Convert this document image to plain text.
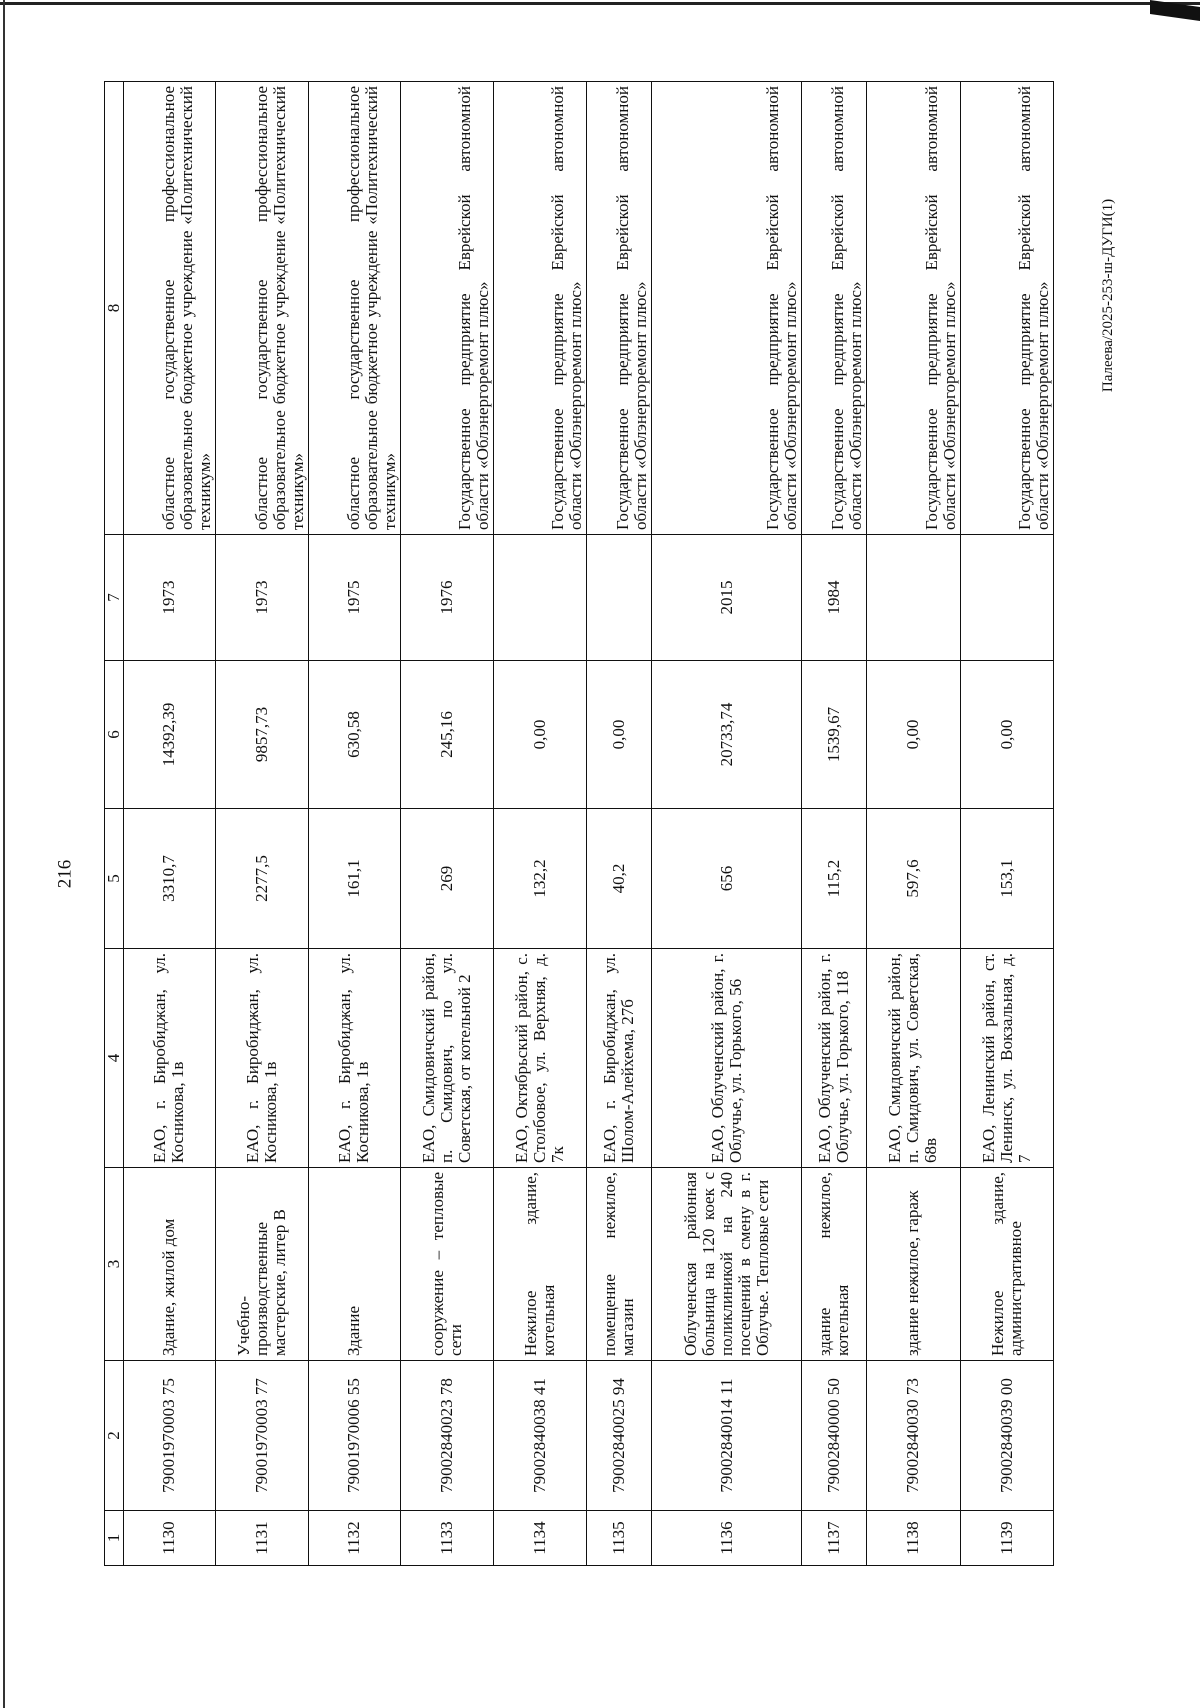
216
Палеева/2025-253-ш-ДУГИ(1)
1	2	3	4	5	6	7	8
1130	79001970003 75	Здание, жилой дом	ЕАО, г. Биробиджан, ул. Косникова, 1в	3310,7	14392,39	1973	областное государственное профессиональное образовательное бюджетное учреждение «Политехнический техникум»
1131	79001970003 77	Учебно-производственные мастерские, литер В	ЕАО, г. Биробиджан, ул. Косникова, 1в	2277,5	9857,73	1973	областное государственное профессиональное образовательное бюджетное учреждение «Политехнический техникум»
1132	79001970006 55	Здание	ЕАО, г. Биробиджан, ул. Косникова, 1в	161,1	630,58	1975	областное государственное профессиональное образовательное бюджетное учреждение «Политехнический техникум»
1133	79002840023 78	сооружение – тепловые сети	ЕАО, Смидовичский район, п. Смидович, по ул. Советская, от котельной 2	269	245,16	1976	Государственное предприятие Еврейской автономной области «Облэнергоремонт плюс»
1134	79002840038 41	Нежилое здание, котельная	ЕАО, Октябрьский район, с. Столбовое, ул. Верхняя, д. 7к	132,2	0,00		Государственное предприятие Еврейской автономной области «Облэнергоремонт плюс»
1135	79002840025 94	помещение нежилое, магазин	ЕАО, г. Биробиджан, ул. Шолом-Алейхема, 27б	40,2	0,00		Государственное предприятие Еврейской автономной области «Облэнергоремонт плюс»
1136	79002840014 11	Облученская районная больница на 120 коек с поликлиникой на 240 посещений в смену в г. Облучье. Тепловые сети	ЕАО, Облученский район, г. Облучье, ул. Горького, 56	656	20733,74	2015	Государственное предприятие Еврейской автономной области «Облэнергоремонт плюс»
1137	79002840000 50	здание нежилое, котельная	ЕАО, Облученский район, г. Облучье, ул. Горького, 118	115,2	1539,67	1984	Государственное предприятие Еврейской автономной области «Облэнергоремонт плюс»
1138	79002840030 73	здание нежилое, гараж	ЕАО, Смидовичский район, п. Смидович, ул. Советская, 68в	597,6	0,00		Государственное предприятие Еврейской автономной области «Облэнергоремонт плюс»
1139	79002840039 00	Нежилое здание, административное	ЕАО, Ленинский район, ст. Ленинск, ул. Вокзальная, д. 7	153,1	0,00		Государственное предприятие Еврейской автономной области «Облэнергоремонт плюс»
